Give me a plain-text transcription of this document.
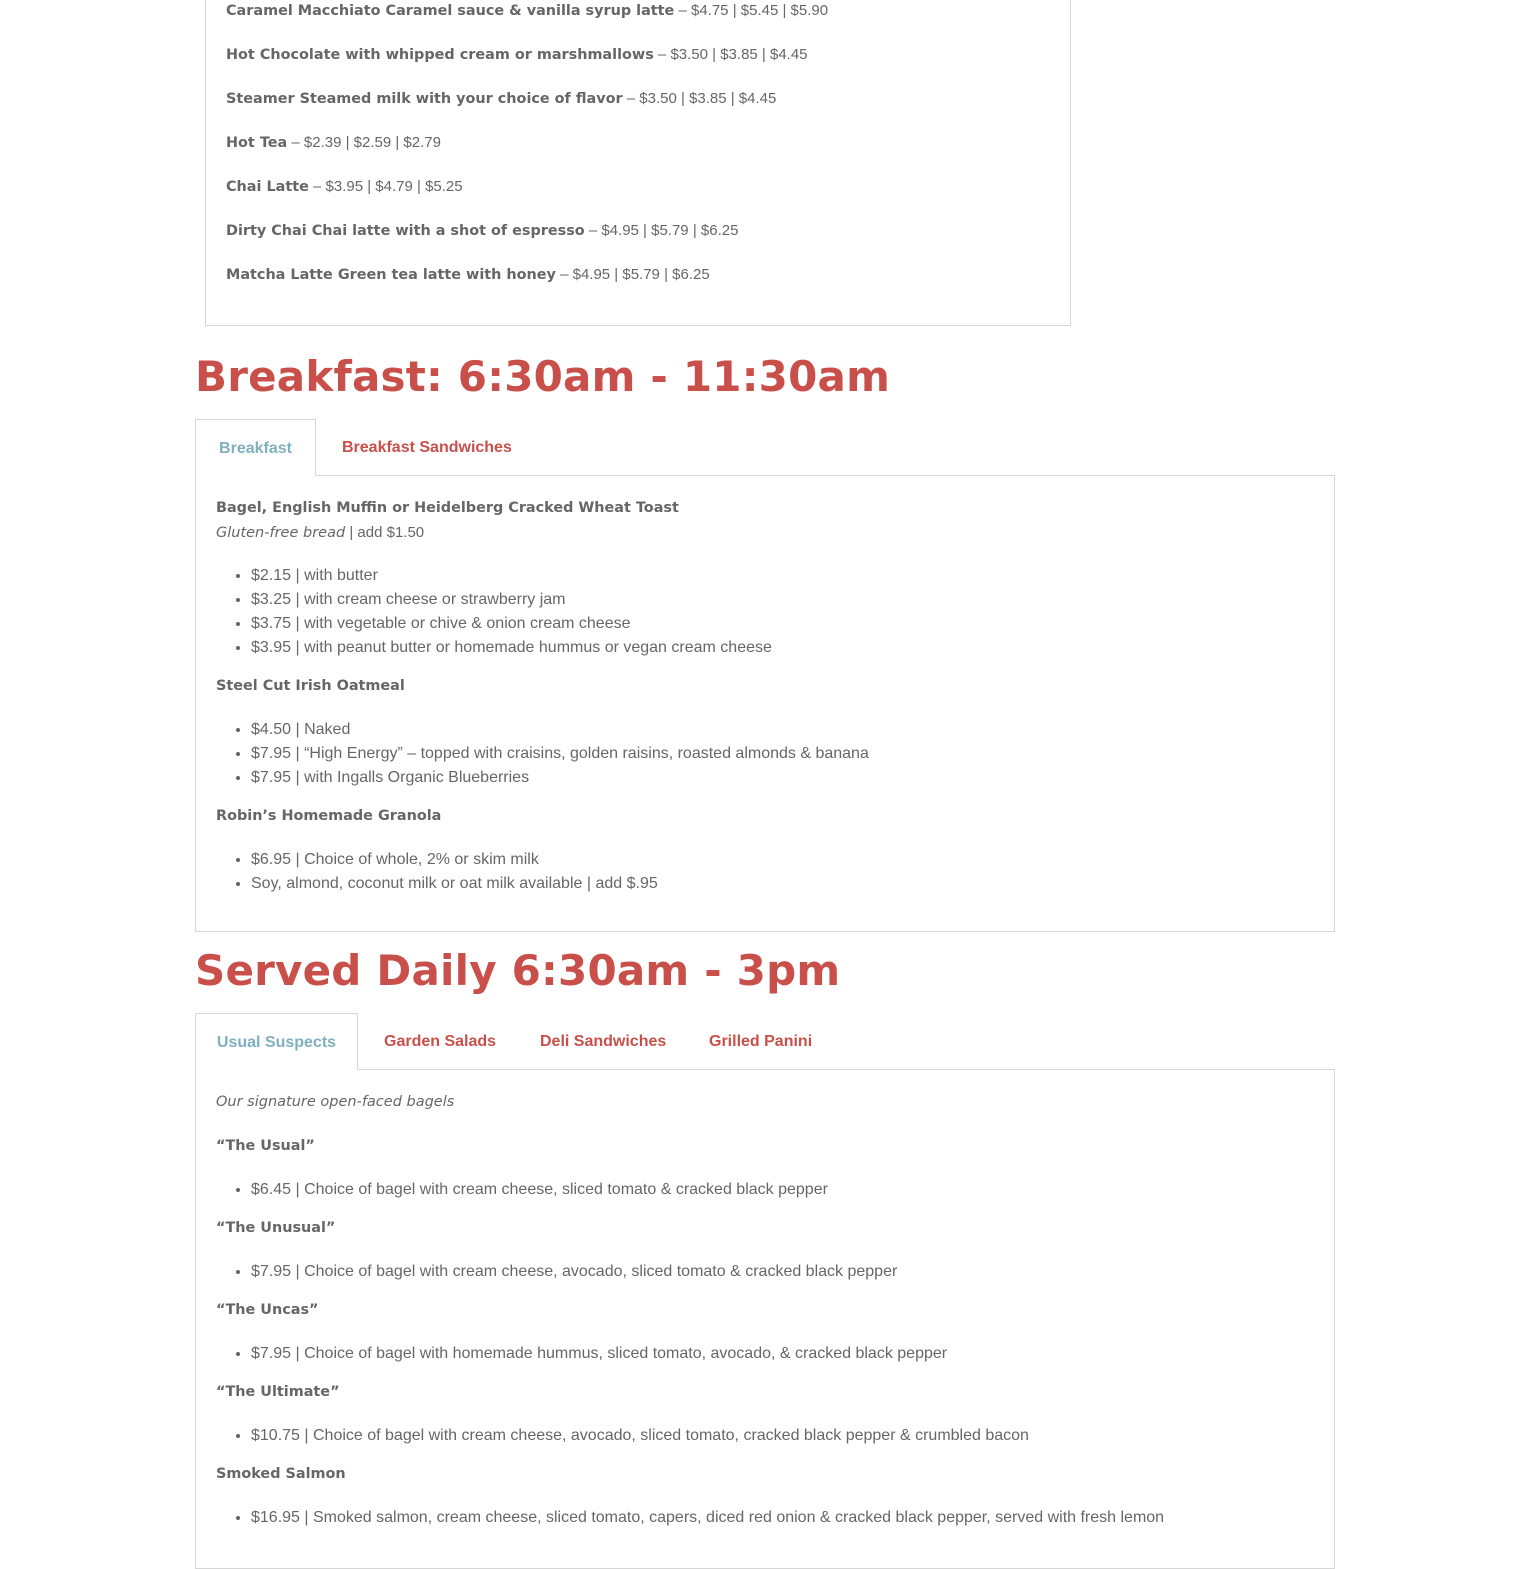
Caramel Macchiato Caramel sauce & vanilla syrup latte – $4.75 | $5.45 | $5.90
Hot Chocolate with whipped cream or marshmallows – $3.50 | $3.85 | $4.45
Steamer Steamed milk with your choice of flavor – $3.50 | $3.85 | $4.45
Hot Tea – $2.39 | $2.59 | $2.79
Chai Latte – $3.95 | $4.79 | $5.25
Dirty Chai Chai latte with a shot of espresso – $4.95 | $5.79 | $6.25
Matcha Latte Green tea latte with honey – $4.95 | $5.79 | $6.25
Breakfast: 6:30am - 11:30am
Breakfast	Breakfast Sandwiches
Bagel, English Muffin or Heidelberg Cracked Wheat Toast
Gluten-free bread | add $1.50
• $2.15 | with butter
• $3.25 | with cream cheese or strawberry jam
• $3.75 | with vegetable or chive & onion cream cheese
• $3.95 | with peanut butter or homemade hummus or vegan cream cheese
Steel Cut Irish Oatmeal
• $4.50 | Naked
• $7.95 | “High Energy” – topped with craisins, golden raisins, roasted almonds & banana
• $7.95 | with Ingalls Organic Blueberries
Robin’s Homemade Granola
• $6.95 | Choice of whole, 2% or skim milk
• Soy, almond, coconut milk or oat milk available | add $.95
Served Daily 6:30am - 3pm
Usual Suspects	Garden Salads	Deli Sandwiches	Grilled Panini
Our signature open-faced bagels
“The Usual”
• $6.45 | Choice of bagel with cream cheese, sliced tomato & cracked black pepper
“The Unusual”
• $7.95 | Choice of bagel with cream cheese, avocado, sliced tomato & cracked black pepper
“The Uncas”
• $7.95 | Choice of bagel with homemade hummus, sliced tomato, avocado, & cracked black pepper
“The Ultimate”
• $10.75 | Choice of bagel with cream cheese, avocado, sliced tomato, cracked black pepper & crumbled bacon
Smoked Salmon
• $16.95 | Smoked salmon, cream cheese, sliced tomato, capers, diced red onion & cracked black pepper, served with fresh lemon
